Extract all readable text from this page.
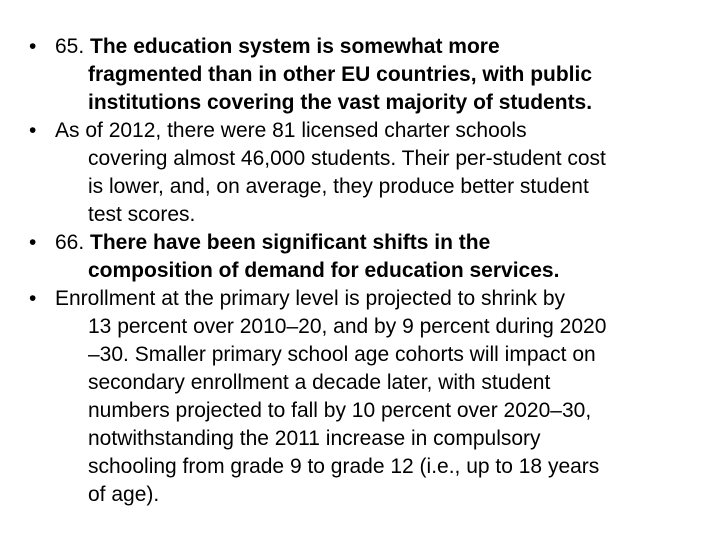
• 65. The education system is somewhat more
fragmented than in other EU countries, with public
institutions covering the vast majority of students.
• As of 2012, there were 81 licensed charter schools
covering almost 46,000 students. Their per-student cost
is lower, and, on average, they produce better student
test scores.
• 66. There have been significant shifts in the
composition of demand for education services.
• Enrollment at the primary level is projected to shrink by
13 percent over 2010–20, and by 9 percent during 2020
–30. Smaller primary school age cohorts will impact on
secondary enrollment a decade later, with student
numbers projected to fall by 10 percent over 2020–30,
notwithstanding the 2011 increase in compulsory
schooling from grade 9 to grade 12 (i.e., up to 18 years
of age).
